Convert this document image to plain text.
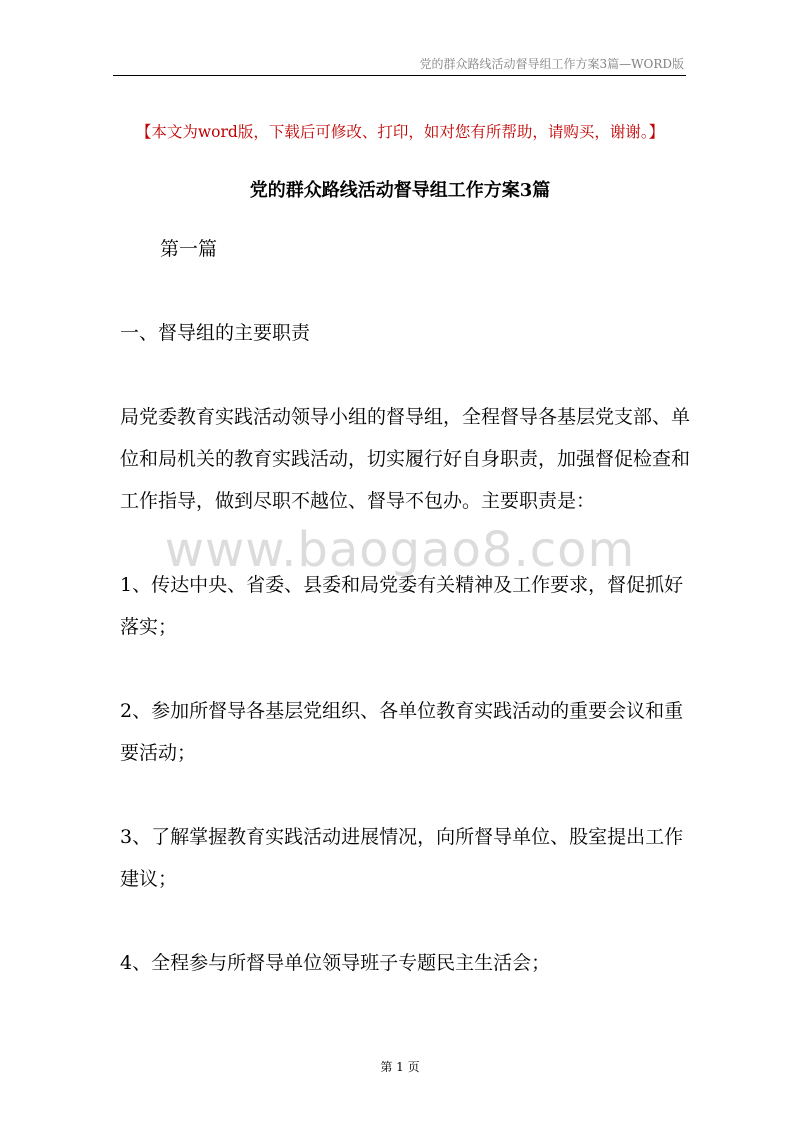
党的群众路线活动督导组工作方案3篇—WORD版
【本文为word版，下载后可修改、打印，如对您有所帮助，请购买，谢谢。】
党的群众路线活动督导组工作方案3篇
第一篇
一、督导组的主要职责
局党委教育实践活动领导小组的督导组，全程督导各基层党支部、单位和局机关的教育实践活动，切实履行好自身职责，加强督促检查和工作指导，做到尽职不越位、督导不包办。主要职责是：
www.baogao8.com
1、传达中央、省委、县委和局党委有关精神及工作要求，督促抓好落实；
2、参加所督导各基层党组织、各单位教育实践活动的重要会议和重要活动；
3、了解掌握教育实践活动进展情况，向所督导单位、股室提出工作建议；
4、全程参与所督导单位领导班子专题民主生活会；
第 1 页
